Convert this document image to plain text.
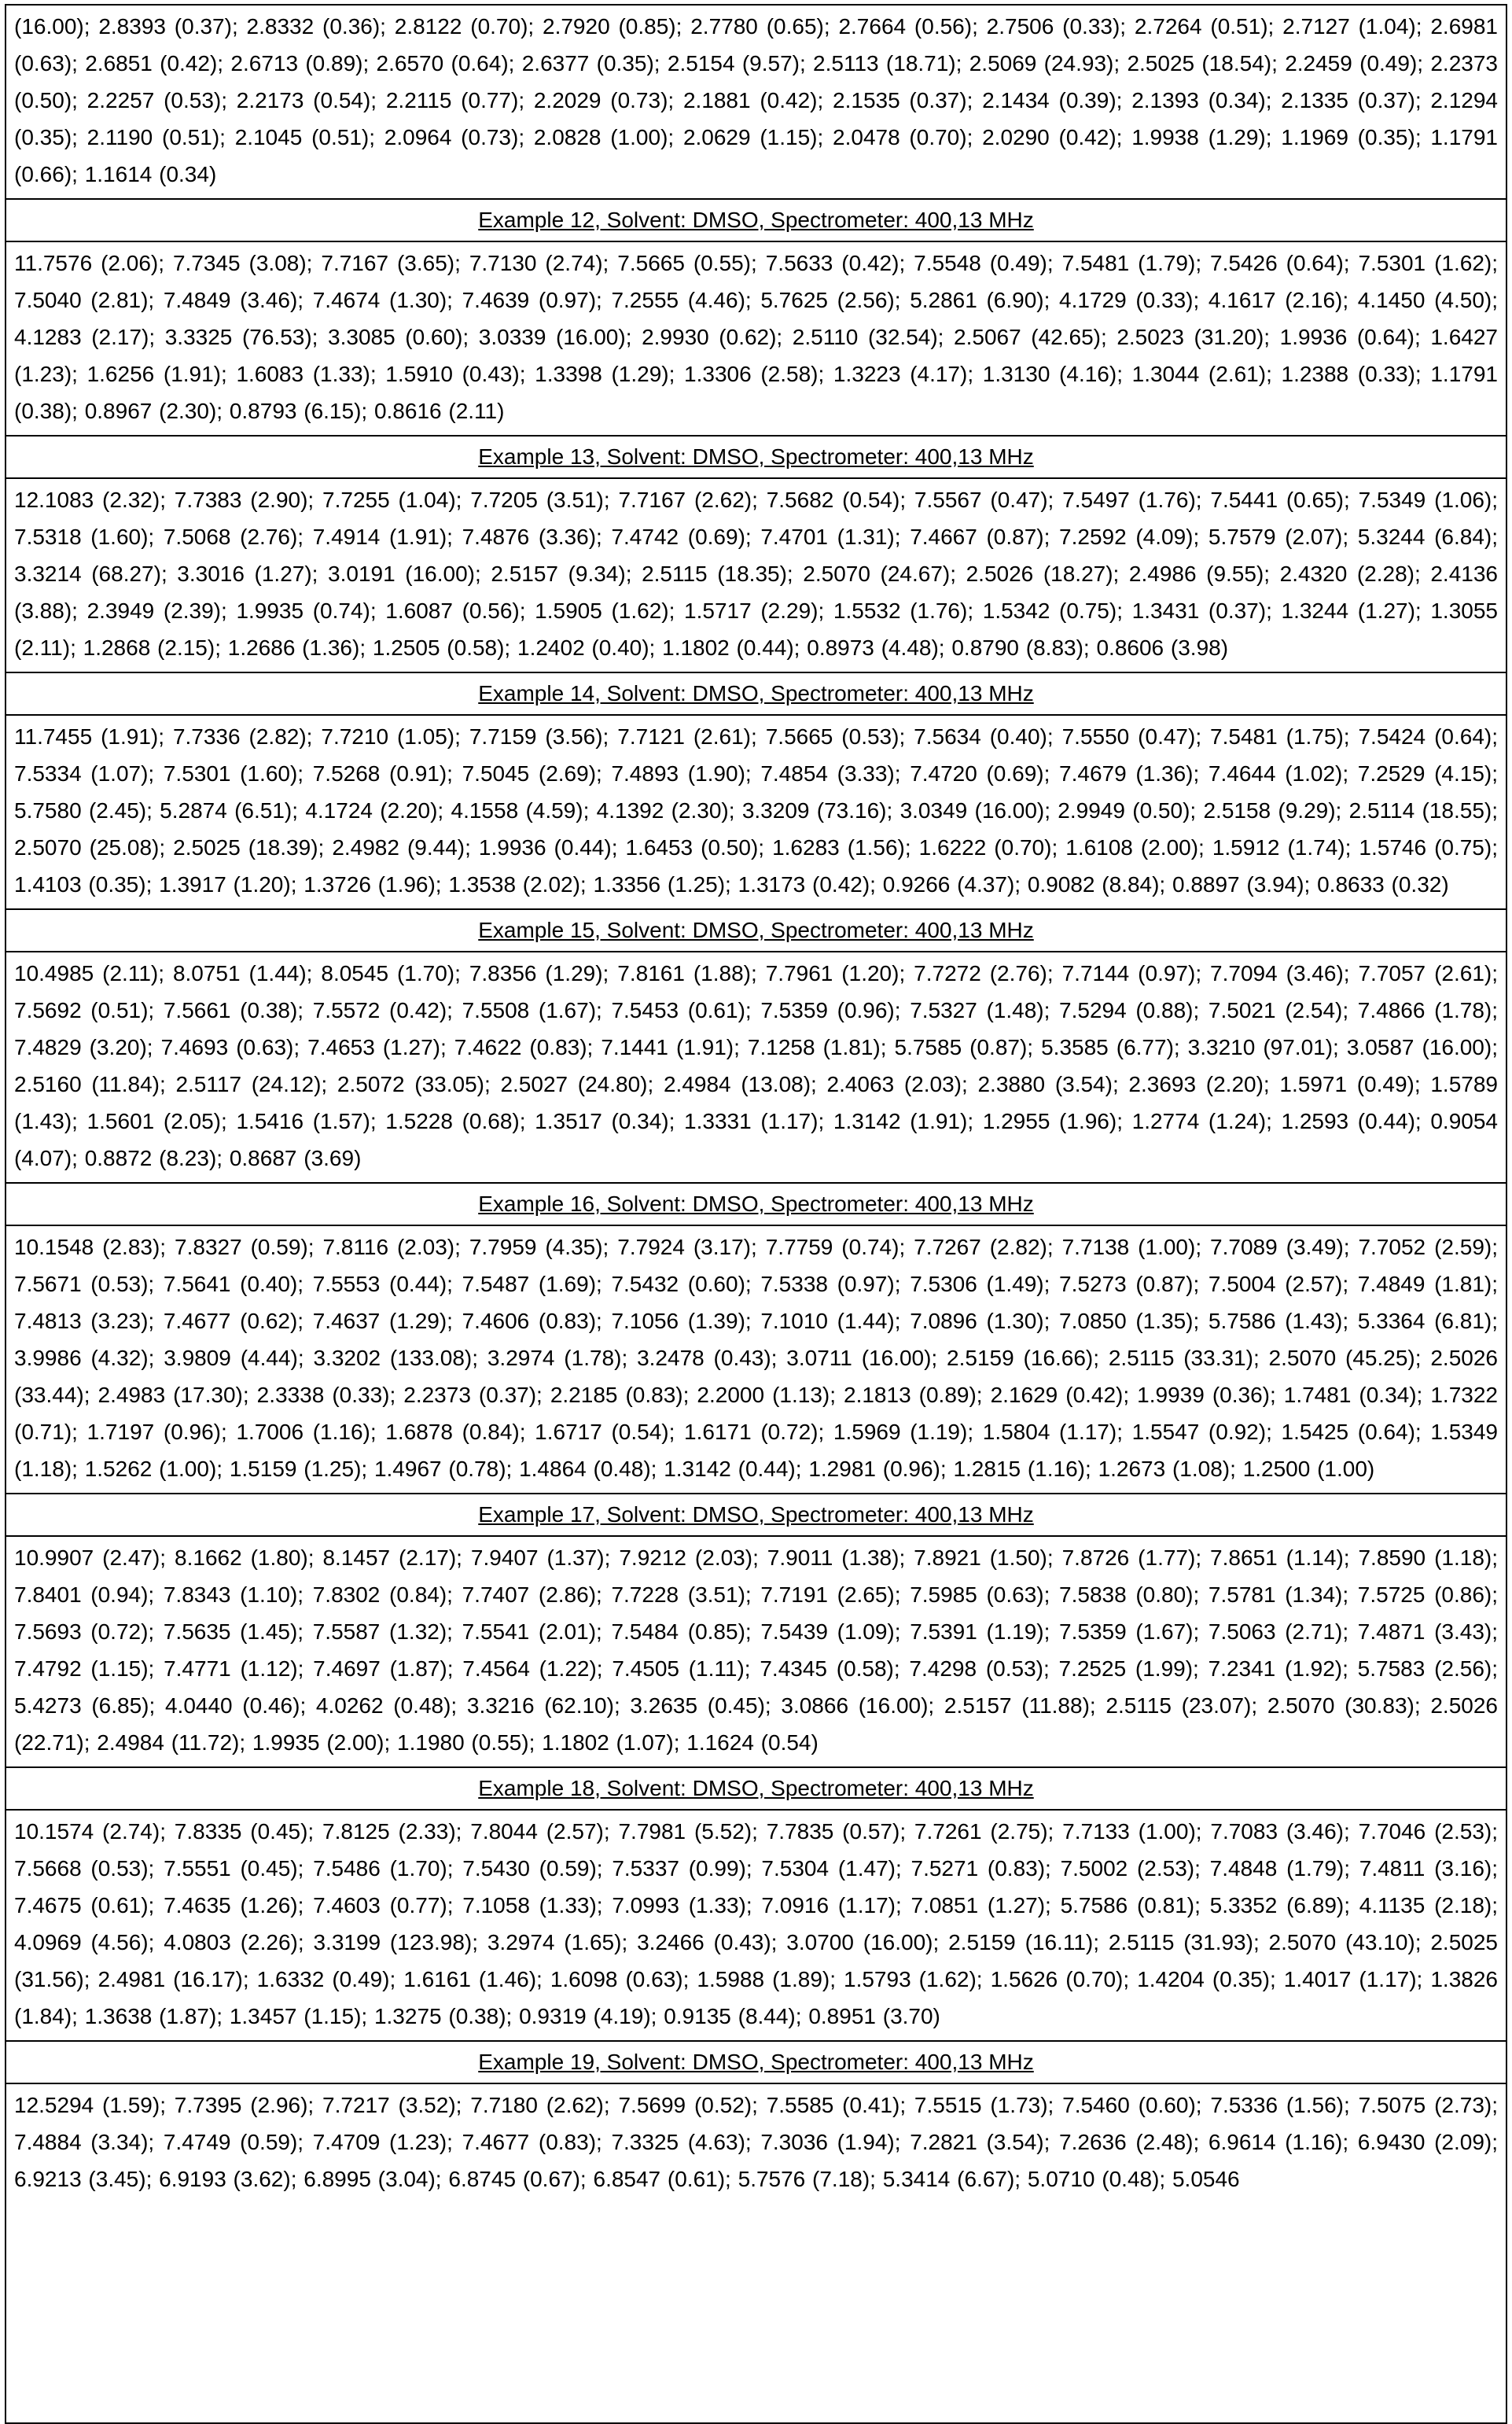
(16.00); 2.8393 (0.37); 2.8332 (0.36); 2.8122 (0.70); 2.7920 (0.85); 2.7780 (0.65); 2.7664 (0.56); 2.7506 (0.33); 2.7264 (0.51); 2.7127 (1.04); 2.6981 (0.63); 2.6851 (0.42); 2.6713 (0.89); 2.6570 (0.64); 2.6377 (0.35); 2.5154 (9.57); 2.5113 (18.71); 2.5069 (24.93); 2.5025 (18.54); 2.2459 (0.49); 2.2373 (0.50); 2.2257 (0.53); 2.2173 (0.54); 2.2115 (0.77); 2.2029 (0.73); 2.1881 (0.42); 2.1535 (0.37); 2.1434 (0.39); 2.1393 (0.34); 2.1335 (0.37); 2.1294 (0.35); 2.1190 (0.51); 2.1045 (0.51); 2.0964 (0.73); 2.0828 (1.00); 2.0629 (1.15); 2.0478 (0.70); 2.0290 (0.42); 1.9938 (1.29); 1.1969 (0.35); 1.1791 (0.66); 1.1614 (0.34)
Example 12, Solvent: DMSO, Spectrometer: 400,13 MHz
11.7576 (2.06); 7.7345 (3.08); 7.7167 (3.65); 7.7130 (2.74); 7.5665 (0.55); 7.5633 (0.42); 7.5548 (0.49); 7.5481 (1.79); 7.5426 (0.64); 7.5301 (1.62); 7.5040 (2.81); 7.4849 (3.46); 7.4674 (1.30); 7.4639 (0.97); 7.2555 (4.46); 5.7625 (2.56); 5.2861 (6.90); 4.1729 (0.33); 4.1617 (2.16); 4.1450 (4.50); 4.1283 (2.17); 3.3325 (76.53); 3.3085 (0.60); 3.0339 (16.00); 2.9930 (0.62); 2.5110 (32.54); 2.5067 (42.65); 2.5023 (31.20); 1.9936 (0.64); 1.6427 (1.23); 1.6256 (1.91); 1.6083 (1.33); 1.5910 (0.43); 1.3398 (1.29); 1.3306 (2.58); 1.3223 (4.17); 1.3130 (4.16); 1.3044 (2.61); 1.2388 (0.33); 1.1791 (0.38); 0.8967 (2.30); 0.8793 (6.15); 0.8616 (2.11)
Example 13, Solvent: DMSO, Spectrometer: 400,13 MHz
12.1083 (2.32); 7.7383 (2.90); 7.7255 (1.04); 7.7205 (3.51); 7.7167 (2.62); 7.5682 (0.54); 7.5567 (0.47); 7.5497 (1.76); 7.5441 (0.65); 7.5349 (1.06); 7.5318 (1.60); 7.5068 (2.76); 7.4914 (1.91); 7.4876 (3.36); 7.4742 (0.69); 7.4701 (1.31); 7.4667 (0.87); 7.2592 (4.09); 5.7579 (2.07); 5.3244 (6.84); 3.3214 (68.27); 3.3016 (1.27); 3.0191 (16.00); 2.5157 (9.34); 2.5115 (18.35); 2.5070 (24.67); 2.5026 (18.27); 2.4986 (9.55); 2.4320 (2.28); 2.4136 (3.88); 2.3949 (2.39); 1.9935 (0.74); 1.6087 (0.56); 1.5905 (1.62); 1.5717 (2.29); 1.5532 (1.76); 1.5342 (0.75); 1.3431 (0.37); 1.3244 (1.27); 1.3055 (2.11); 1.2868 (2.15); 1.2686 (1.36); 1.2505 (0.58); 1.2402 (0.40); 1.1802 (0.44); 0.8973 (4.48); 0.8790 (8.83); 0.8606 (3.98)
Example 14, Solvent: DMSO, Spectrometer: 400,13 MHz
11.7455 (1.91); 7.7336 (2.82); 7.7210 (1.05); 7.7159 (3.56); 7.7121 (2.61); 7.5665 (0.53); 7.5634 (0.40); 7.5550 (0.47); 7.5481 (1.75); 7.5424 (0.64); 7.5334 (1.07); 7.5301 (1.60); 7.5268 (0.91); 7.5045 (2.69); 7.4893 (1.90); 7.4854 (3.33); 7.4720 (0.69); 7.4679 (1.36); 7.4644 (1.02); 7.2529 (4.15); 5.7580 (2.45); 5.2874 (6.51); 4.1724 (2.20); 4.1558 (4.59); 4.1392 (2.30); 3.3209 (73.16); 3.0349 (16.00); 2.9949 (0.50); 2.5158 (9.29); 2.5114 (18.55); 2.5070 (25.08); 2.5025 (18.39); 2.4982 (9.44); 1.9936 (0.44); 1.6453 (0.50); 1.6283 (1.56); 1.6222 (0.70); 1.6108 (2.00); 1.5912 (1.74); 1.5746 (0.75); 1.4103 (0.35); 1.3917 (1.20); 1.3726 (1.96); 1.3538 (2.02); 1.3356 (1.25); 1.3173 (0.42); 0.9266 (4.37); 0.9082 (8.84); 0.8897 (3.94); 0.8633 (0.32)
Example 15, Solvent: DMSO, Spectrometer: 400,13 MHz
10.4985 (2.11); 8.0751 (1.44); 8.0545 (1.70); 7.8356 (1.29); 7.8161 (1.88); 7.7961 (1.20); 7.7272 (2.76); 7.7144 (0.97); 7.7094 (3.46); 7.7057 (2.61); 7.5692 (0.51); 7.5661 (0.38); 7.5572 (0.42); 7.5508 (1.67); 7.5453 (0.61); 7.5359 (0.96); 7.5327 (1.48); 7.5294 (0.88); 7.5021 (2.54); 7.4866 (1.78); 7.4829 (3.20); 7.4693 (0.63); 7.4653 (1.27); 7.4622 (0.83); 7.1441 (1.91); 7.1258 (1.81); 5.7585 (0.87); 5.3585 (6.77); 3.3210 (97.01); 3.0587 (16.00); 2.5160 (11.84); 2.5117 (24.12); 2.5072 (33.05); 2.5027 (24.80); 2.4984 (13.08); 2.4063 (2.03); 2.3880 (3.54); 2.3693 (2.20); 1.5971 (0.49); 1.5789 (1.43); 1.5601 (2.05); 1.5416 (1.57); 1.5228 (0.68); 1.3517 (0.34); 1.3331 (1.17); 1.3142 (1.91); 1.2955 (1.96); 1.2774 (1.24); 1.2593 (0.44); 0.9054 (4.07); 0.8872 (8.23); 0.8687 (3.69)
Example 16, Solvent: DMSO, Spectrometer: 400,13 MHz
10.1548 (2.83); 7.8327 (0.59); 7.8116 (2.03); 7.7959 (4.35); 7.7924 (3.17); 7.7759 (0.74); 7.7267 (2.82); 7.7138 (1.00); 7.7089 (3.49); 7.7052 (2.59); 7.5671 (0.53); 7.5641 (0.40); 7.5553 (0.44); 7.5487 (1.69); 7.5432 (0.60); 7.5338 (0.97); 7.5306 (1.49); 7.5273 (0.87); 7.5004 (2.57); 7.4849 (1.81); 7.4813 (3.23); 7.4677 (0.62); 7.4637 (1.29); 7.4606 (0.83); 7.1056 (1.39); 7.1010 (1.44); 7.0896 (1.30); 7.0850 (1.35); 5.7586 (1.43); 5.3364 (6.81); 3.9986 (4.32); 3.9809 (4.44); 3.3202 (133.08); 3.2974 (1.78); 3.2478 (0.43); 3.0711 (16.00); 2.5159 (16.66); 2.5115 (33.31); 2.5070 (45.25); 2.5026 (33.44); 2.4983 (17.30); 2.3338 (0.33); 2.2373 (0.37); 2.2185 (0.83); 2.2000 (1.13); 2.1813 (0.89); 2.1629 (0.42); 1.9939 (0.36); 1.7481 (0.34); 1.7322 (0.71); 1.7197 (0.96); 1.7006 (1.16); 1.6878 (0.84); 1.6717 (0.54); 1.6171 (0.72); 1.5969 (1.19); 1.5804 (1.17); 1.5547 (0.92); 1.5425 (0.64); 1.5349 (1.18); 1.5262 (1.00); 1.5159 (1.25); 1.4967 (0.78); 1.4864 (0.48); 1.3142 (0.44); 1.2981 (0.96); 1.2815 (1.16); 1.2673 (1.08); 1.2500 (1.00)
Example 17, Solvent: DMSO, Spectrometer: 400,13 MHz
10.9907 (2.47); 8.1662 (1.80); 8.1457 (2.17); 7.9407 (1.37); 7.9212 (2.03); 7.9011 (1.38); 7.8921 (1.50); 7.8726 (1.77); 7.8651 (1.14); 7.8590 (1.18); 7.8401 (0.94); 7.8343 (1.10); 7.8302 (0.84); 7.7407 (2.86); 7.7228 (3.51); 7.7191 (2.65); 7.5985 (0.63); 7.5838 (0.80); 7.5781 (1.34); 7.5725 (0.86); 7.5693 (0.72); 7.5635 (1.45); 7.5587 (1.32); 7.5541 (2.01); 7.5484 (0.85); 7.5439 (1.09); 7.5391 (1.19); 7.5359 (1.67); 7.5063 (2.71); 7.4871 (3.43); 7.4792 (1.15); 7.4771 (1.12); 7.4697 (1.87); 7.4564 (1.22); 7.4505 (1.11); 7.4345 (0.58); 7.4298 (0.53); 7.2525 (1.99); 7.2341 (1.92); 5.7583 (2.56); 5.4273 (6.85); 4.0440 (0.46); 4.0262 (0.48); 3.3216 (62.10); 3.2635 (0.45); 3.0866 (16.00); 2.5157 (11.88); 2.5115 (23.07); 2.5070 (30.83); 2.5026 (22.71); 2.4984 (11.72); 1.9935 (2.00); 1.1980 (0.55); 1.1802 (1.07); 1.1624 (0.54)
Example 18, Solvent: DMSO, Spectrometer: 400,13 MHz
10.1574 (2.74); 7.8335 (0.45); 7.8125 (2.33); 7.8044 (2.57); 7.7981 (5.52); 7.7835 (0.57); 7.7261 (2.75); 7.7133 (1.00); 7.7083 (3.46); 7.7046 (2.53); 7.5668 (0.53); 7.5551 (0.45); 7.5486 (1.70); 7.5430 (0.59); 7.5337 (0.99); 7.5304 (1.47); 7.5271 (0.83); 7.5002 (2.53); 7.4848 (1.79); 7.4811 (3.16); 7.4675 (0.61); 7.4635 (1.26); 7.4603 (0.77); 7.1058 (1.33); 7.0993 (1.33); 7.0916 (1.17); 7.0851 (1.27); 5.7586 (0.81); 5.3352 (6.89); 4.1135 (2.18); 4.0969 (4.56); 4.0803 (2.26); 3.3199 (123.98); 3.2974 (1.65); 3.2466 (0.43); 3.0700 (16.00); 2.5159 (16.11); 2.5115 (31.93); 2.5070 (43.10); 2.5025 (31.56); 2.4981 (16.17); 1.6332 (0.49); 1.6161 (1.46); 1.6098 (0.63); 1.5988 (1.89); 1.5793 (1.62); 1.5626 (0.70); 1.4204 (0.35); 1.4017 (1.17); 1.3826 (1.84); 1.3638 (1.87); 1.3457 (1.15); 1.3275 (0.38); 0.9319 (4.19); 0.9135 (8.44); 0.8951 (3.70)
Example 19, Solvent: DMSO, Spectrometer: 400,13 MHz
12.5294 (1.59); 7.7395 (2.96); 7.7217 (3.52); 7.7180 (2.62); 7.5699 (0.52); 7.5585 (0.41); 7.5515 (1.73); 7.5460 (0.60); 7.5336 (1.56); 7.5075 (2.73); 7.4884 (3.34); 7.4749 (0.59); 7.4709 (1.23); 7.4677 (0.83); 7.3325 (4.63); 7.3036 (1.94); 7.2821 (3.54); 7.2636 (2.48); 6.9614 (1.16); 6.9430 (2.09); 6.9213 (3.45); 6.9193 (3.62); 6.8995 (3.04); 6.8745 (0.67); 6.8547 (0.61); 5.7576 (7.18); 5.3414 (6.67); 5.0710 (0.48); 5.0546
